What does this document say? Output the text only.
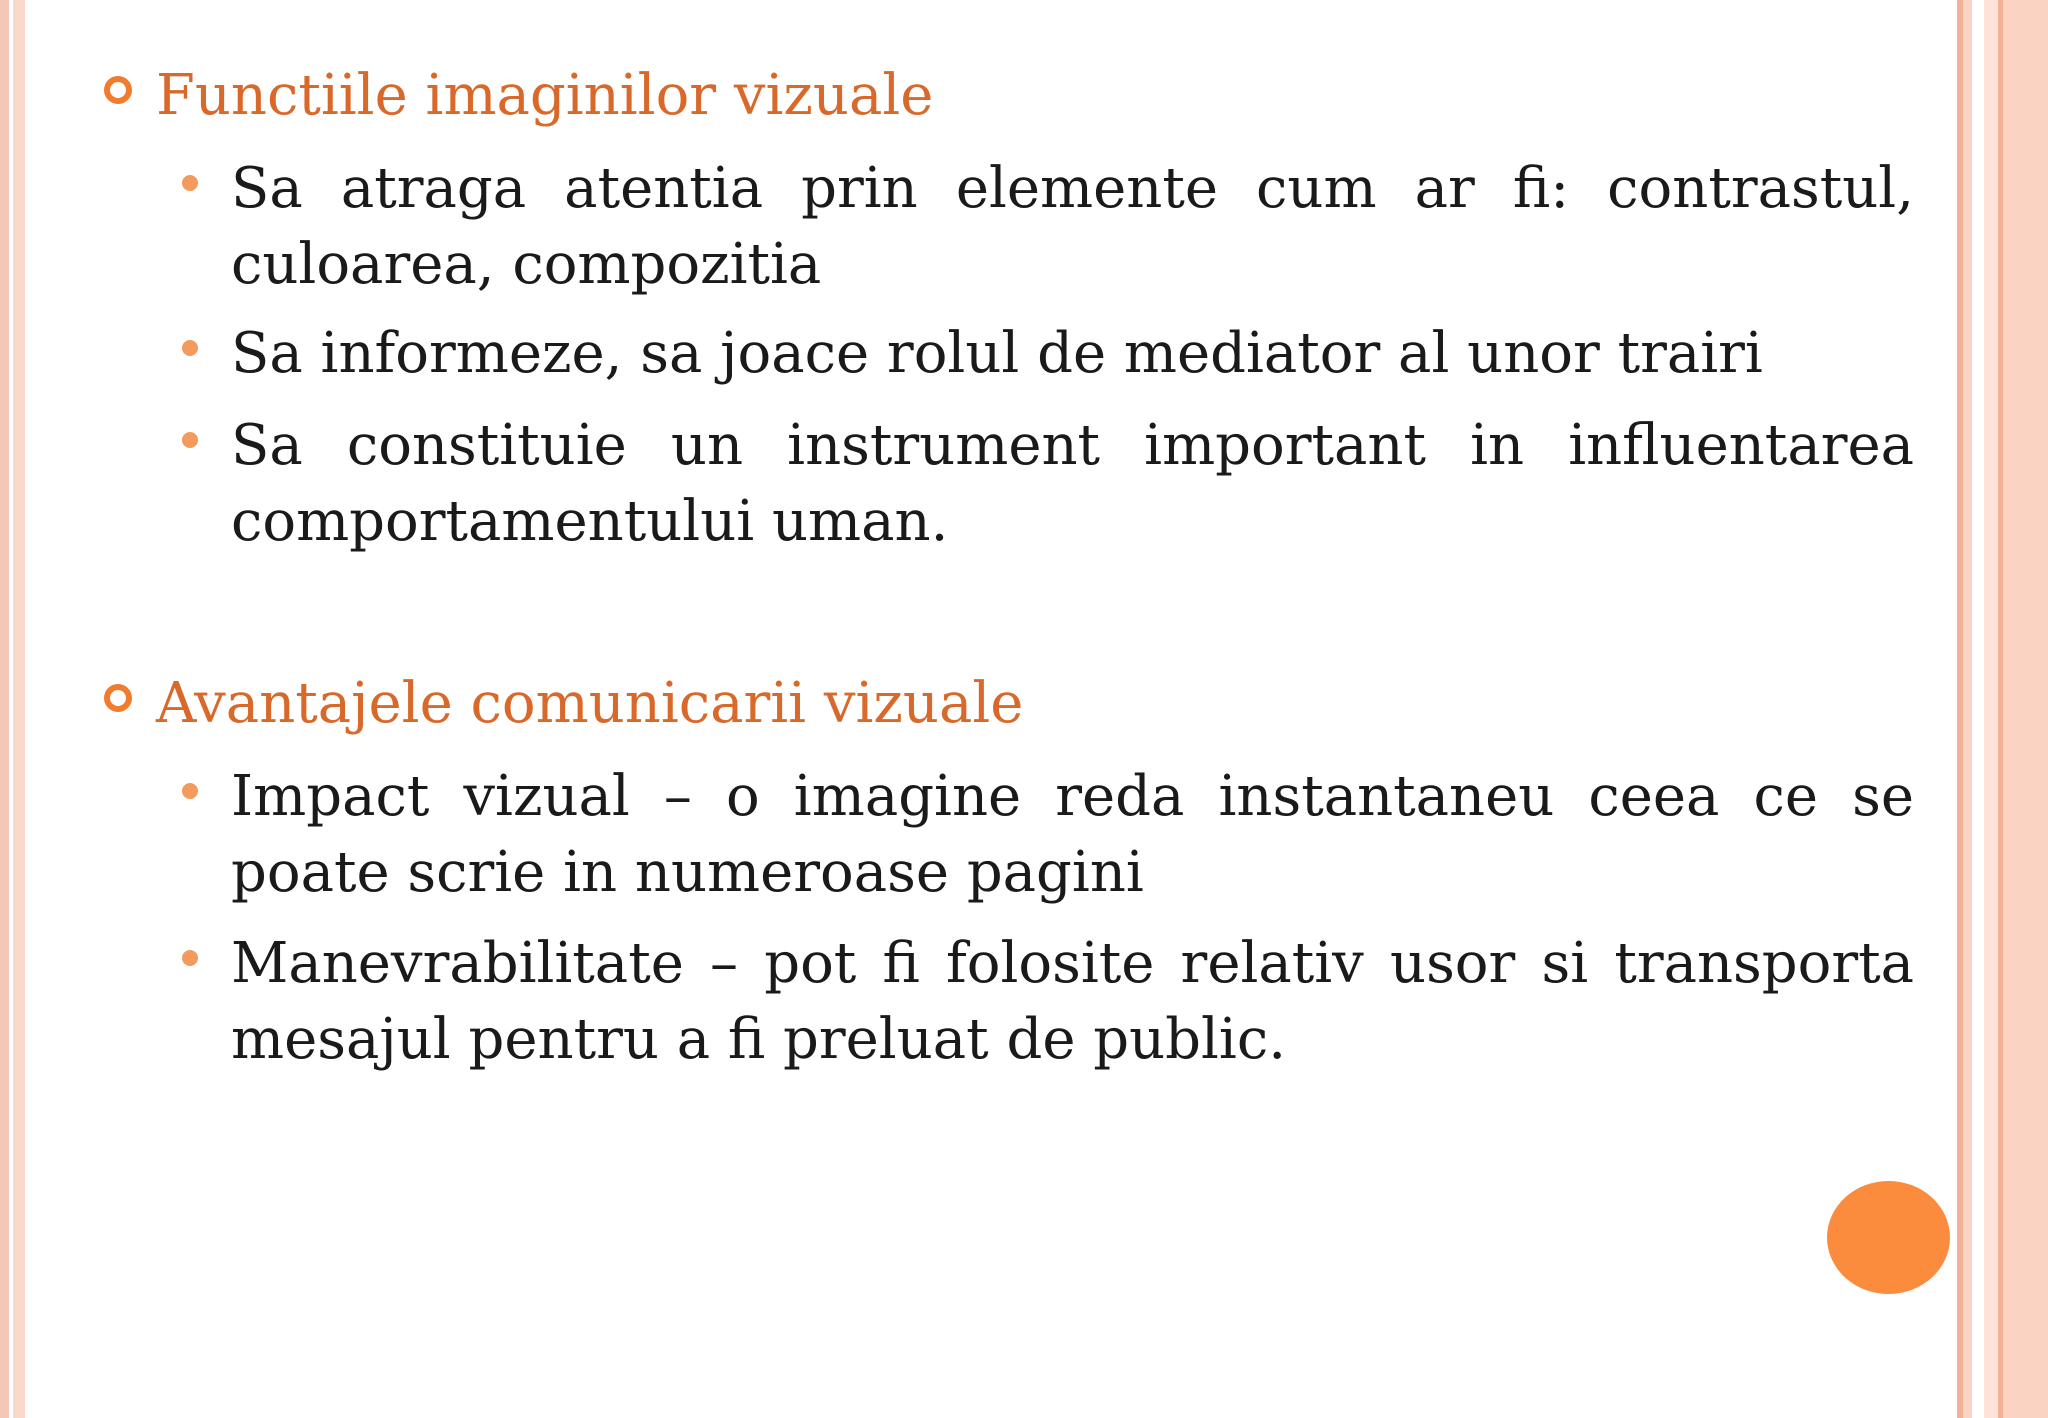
Functiile imaginilor vizuale
Sa atraga atentia prin elemente cum ar fi: contrastul, culoarea, compozitia
Sa informeze, sa joace rolul de mediator al unor trairi
Sa constituie un instrument important in influentarea comportamentului uman.
Avantajele comunicarii vizuale
Impact vizual – o imagine reda instantaneu ceea ce se poate scrie in numeroase pagini
Manevrabilitate – pot fi folosite relativ usor si transporta mesajul pentru a fi preluat de public.
